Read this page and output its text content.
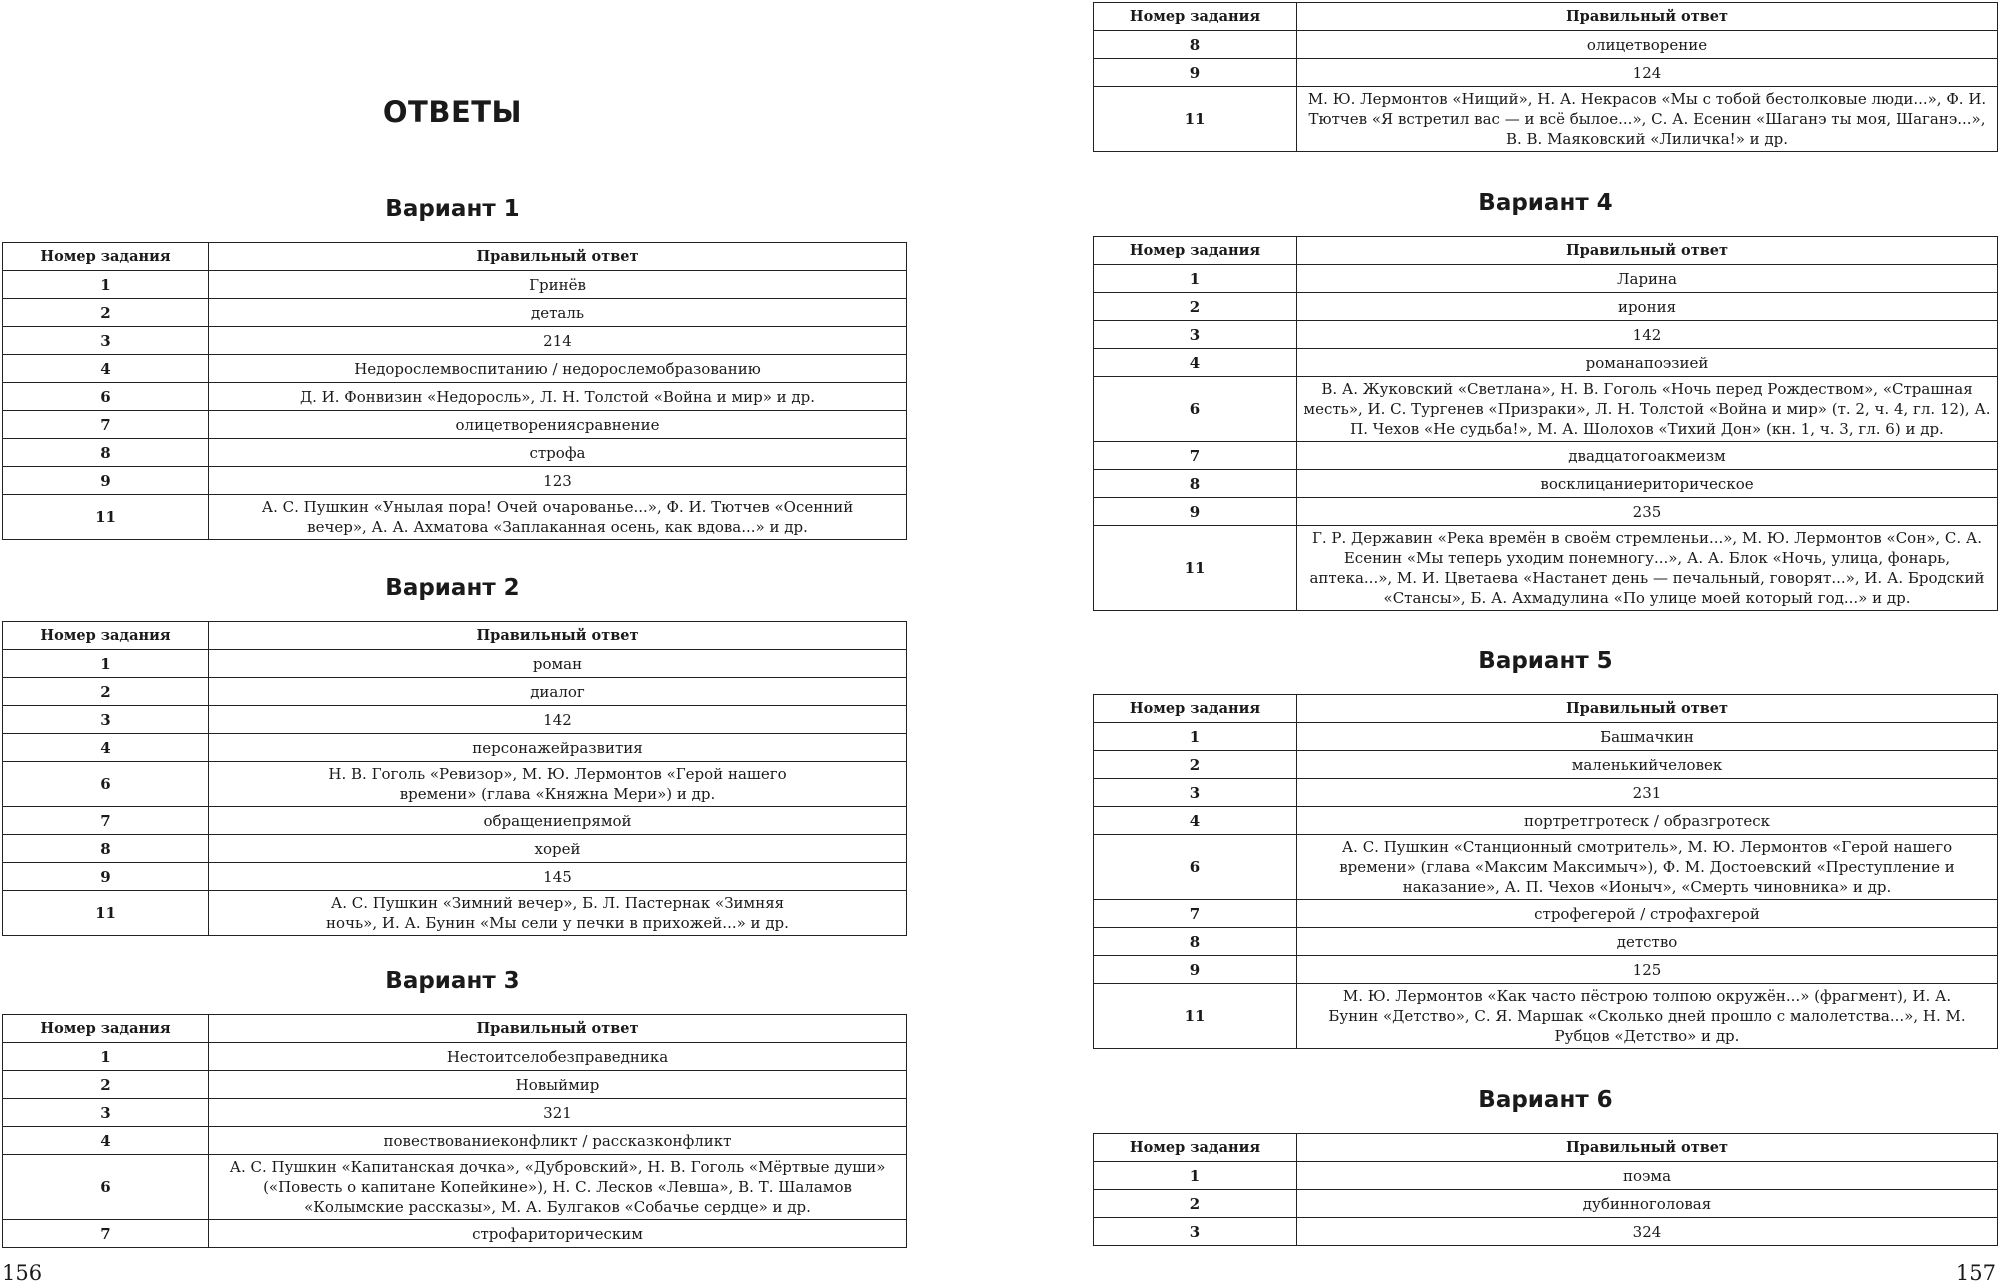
ОТВЕТЫ
Вариант 1
Номер задания	Правильный ответ
1	Гринёв
2	деталь
3	214
4	Недорослемвоспитанию / недорослемобразованию
6	Д. И. Фонвизин «Недоросль», Л. Н. Толстой «Война и мир» и др.
7	олицетворениясравнение
8	строфа
9	123
11	А. С. Пушкин «Унылая пора! Очей очарованье...», Ф. И. Тютчев «Осенний вечер», А. А. Ахматова «Заплаканная осень, как вдова...» и др.
Вариант 2
Номер задания	Правильный ответ
1	роман
2	диалог
3	142
4	персонажейразвития
6	Н. В. Гоголь «Ревизор», М. Ю. Лермонтов «Герой нашего времени» (глава «Княжна Мери») и др.
7	обращениепрямой
8	хорей
9	145
11	А. С. Пушкин «Зимний вечер», Б. Л. Пастернак «Зимняя ночь», И. А. Бунин «Мы сели у печки в прихожей...» и др.
Вариант 3
Номер задания	Правильный ответ
1	Нестоитселобезправедника
2	Новыймир
3	321
4	повествованиеконфликт / рассказконфликт
6	А. С. Пушкин «Капитанская дочка», «Дубровский», Н. В. Гоголь «Мёртвые души» («Повесть о капитане Копейкине»), Н. С. Лесков «Левша», В. Т. Шаламов «Колымские рассказы», М. А. Булгаков «Собачье сердце» и др.
7	строфариторическим

156

Номер задания	Правильный ответ
8	олицетворение
9	124
11	М. Ю. Лермонтов «Нищий», Н. А. Некрасов «Мы с тобой бестолковые люди...», Ф. И. Тютчев «Я встретил вас — и всё былое...», С. А. Есенин «Шаганэ ты моя, Шаганэ...», В. В. Маяковский «Лиличка!» и др.
Вариант 4
Номер задания	Правильный ответ
1	Ларина
2	ирония
3	142
4	романапоэзией
6	В. А. Жуковский «Светлана», Н. В. Гоголь «Ночь перед Рождеством», «Страшная месть», И. С. Тургенев «Призраки», Л. Н. Толстой «Война и мир» (т. 2, ч. 4, гл. 12), А. П. Чехов «Не судьба!», М. А. Шолохов «Тихий Дон» (кн. 1, ч. 3, гл. 6) и др.
7	двадцатогоакмеизм
8	восклицаниериторическое
9	235
11	Г. Р. Державин «Река времён в своём стремленьи...», М. Ю. Лермонтов «Сон», С. А. Есенин «Мы теперь уходим понемногу...», А. А. Блок «Ночь, улица, фонарь, аптека...», М. И. Цветаева «Настанет день — печальный, говорят...», И. А. Бродский «Стансы», Б. А. Ахмадулина «По улице моей который год...» и др.
Вариант 5
Номер задания	Правильный ответ
1	Башмачкин
2	маленькийчеловек
3	231
4	портретгротеск / образгротеск
6	А. С. Пушкин «Станционный смотритель», М. Ю. Лермонтов «Герой нашего времени» (глава «Максим Максимыч»), Ф. М. Достоевский «Преступление и наказание», А. П. Чехов «Ионыч», «Смерть чиновника» и др.
7	строфегерой / строфахгерой
8	детство
9	125
11	М. Ю. Лермонтов «Как часто пёстрою толпою окружён...» (фрагмент), И. А. Бунин «Детство», С. Я. Маршак «Сколько дней прошло с малолетства...», Н. М. Рубцов «Детство» и др.
Вариант 6
Номер задания	Правильный ответ
1	поэма
2	дубинноголовая
3	324

157
